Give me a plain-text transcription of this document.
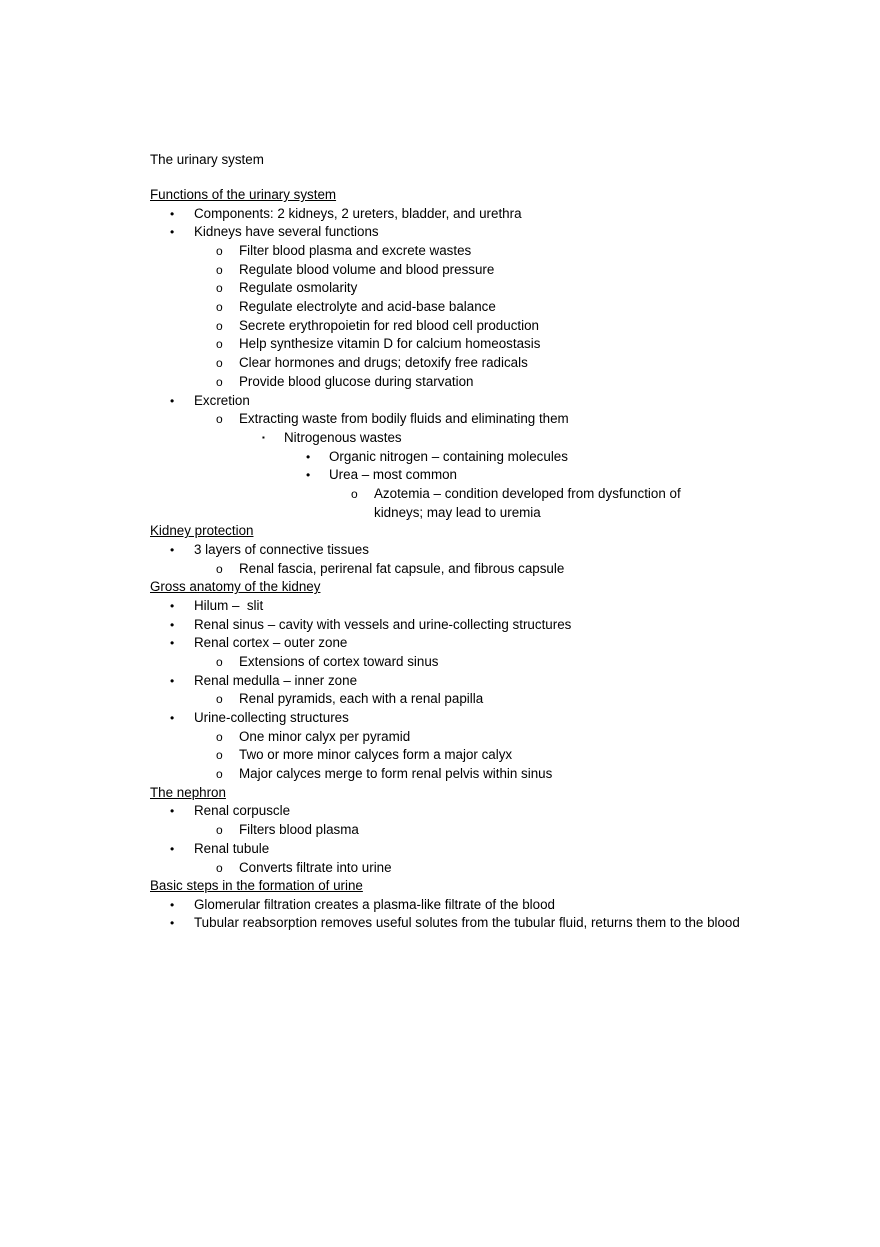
The urinary system
Functions of the urinary system
• Components: 2 kidneys, 2 ureters, bladder, and urethra
• Kidneys have several functions
o Filter blood plasma and excrete wastes
o Regulate blood volume and blood pressure
o Regulate osmolarity
o Regulate electrolyte and acid-base balance
o Secrete erythropoietin for red blood cell production
o Help synthesize vitamin D for calcium homeostasis
o Clear hormones and drugs; detoxify free radicals
o Provide blood glucose during starvation
• Excretion
o Extracting waste from bodily fluids and eliminating them
▪ Nitrogenous wastes
• Organic nitrogen – containing molecules
• Urea – most common
o Azotemia – condition developed from dysfunction of kidneys; may lead to uremia
Kidney protection
• 3 layers of connective tissues
o Renal fascia, perirenal fat capsule, and fibrous capsule
Gross anatomy of the kidney
• Hilum –  slit
• Renal sinus – cavity with vessels and urine-collecting structures
• Renal cortex – outer zone
o Extensions of cortex toward sinus
• Renal medulla – inner zone
o Renal pyramids, each with a renal papilla
• Urine-collecting structures
o One minor calyx per pyramid
o Two or more minor calyces form a major calyx
o Major calyces merge to form renal pelvis within sinus
The nephron
• Renal corpuscle
o Filters blood plasma
• Renal tubule
o Converts filtrate into urine
Basic steps in the formation of urine
• Glomerular filtration creates a plasma-like filtrate of the blood
• Tubular reabsorption removes useful solutes from the tubular fluid, returns them to the blood
